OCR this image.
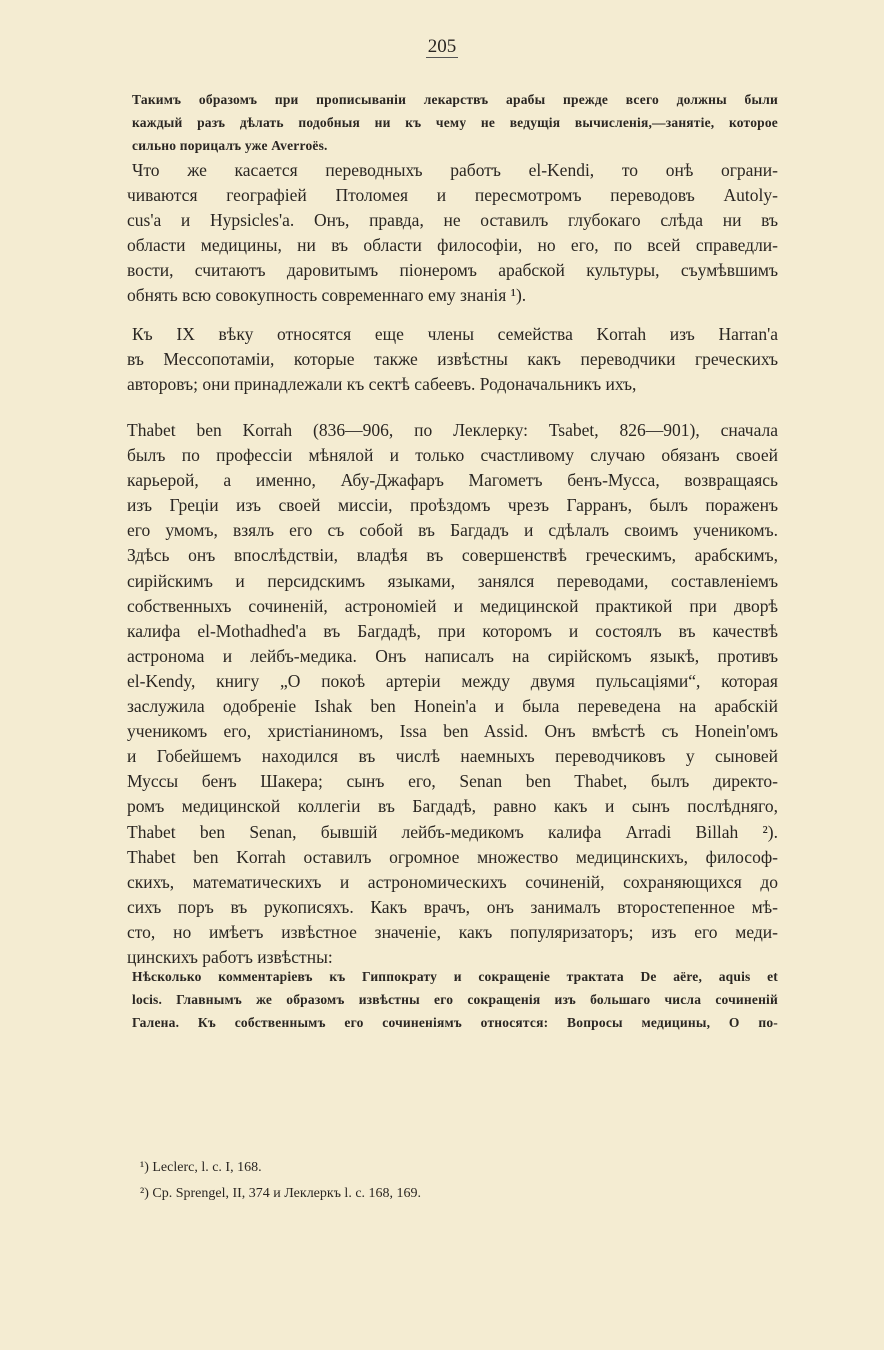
205
Такимъ образомъ при прописываніи лекарствъ арабы прежде всего должны были
каждый разъ дѣлать подобныя ни къ чему не ведущія вычисленія,—занятіе, которое
сильно порицалъ уже Averroës.
Что же касается переводныхъ работъ el-Kendi, то онѣ ограни-
чиваются географіей Птоломея и пересмотромъ переводовъ Autoly-
cus'a и Hypsicles'a. Онъ, правда, не оставилъ глубокаго слѣда ни въ
области медицины, ни въ области философіи, но его, по всей справедли-
вости, считаютъ даровитымъ піонеромъ арабской культуры, съумѣвшимъ
обнять всю совокупность современнаго ему знанія ¹).
Къ IX вѣку относятся еще члены семейства Korrah изъ Harran'a
въ Мессопотаміи, которые также извѣстны какъ переводчики греческихъ
авторовъ; они принадлежали къ сектѣ сабеевъ. Родоначальникъ ихъ,
Thabet ben Korrah (836—906, по Леклерку: Tsabet, 826—901), сначала
былъ по профессіи мѣнялой и только счастливому случаю обязанъ своей
карьерой, а именно, Абу-Джафаръ Магометъ бенъ-Мусса, возвращаясь
изъ Греціи изъ своей миссіи, проѣздомъ чрезъ Гарранъ, былъ пораженъ
его умомъ, взялъ его съ собой въ Багдадъ и сдѣлалъ своимъ ученикомъ.
Здѣсь онъ впослѣдствіи, владѣя въ совершенствѣ греческимъ, арабскимъ,
сирійскимъ и персидскимъ языками, занялся переводами, составленіемъ
собственныхъ сочиненій, астрономіей и медицинской практикой при дворѣ
калифа el-Mothadhed'a въ Багдадѣ, при которомъ и состоялъ въ качествѣ
астронома и лейбъ-медика. Онъ написалъ на сирійскомъ языкѣ, противъ
el-Kendy, книгу „О покоѣ артеріи между двумя пульсаціями“, которая
заслужила одобреніе Ishak ben Honein'a и была переведена на арабскій
ученикомъ его, христіаниномъ, Issa ben Assid. Онъ вмѣстѣ съ Honein'омъ
и Гобейшемъ находился въ числѣ наемныхъ переводчиковъ у сыновей
Муссы бенъ Шакера; сынъ его, Senan ben Thabet, былъ директо-
ромъ медицинской коллегіи въ Багдадѣ, равно какъ и сынъ послѣдняго,
Thabet ben Senan, бывшій лейбъ-медикомъ калифа Arradi Billah ²).
Thabet ben Korrah оставилъ огромное множество медицинскихъ, философ-
скихъ, математическихъ и астрономическихъ сочиненій, сохраняющихся до
сихъ поръ въ рукописяхъ. Какъ врачъ, онъ занималъ второстепенное мѣ-
сто, но имѣетъ извѣстное значеніе, какъ популяризаторъ; изъ его меди-
цинскихъ работъ извѣстны:
Нѣсколько комментаріевъ къ Гиппократу и сокращеніе трактата De aëre, aquis et
locis. Главнымъ же образомъ извѣстны его сокращенія изъ большаго числа сочиненій
Галена. Къ собственнымъ его сочиненіямъ относятся: Вопросы медицины, О по-
¹) Leclerc, l. c. I, 168.
²) Ср. Sprengel, II, 374 и Леклеркъ l. c. 168, 169.
